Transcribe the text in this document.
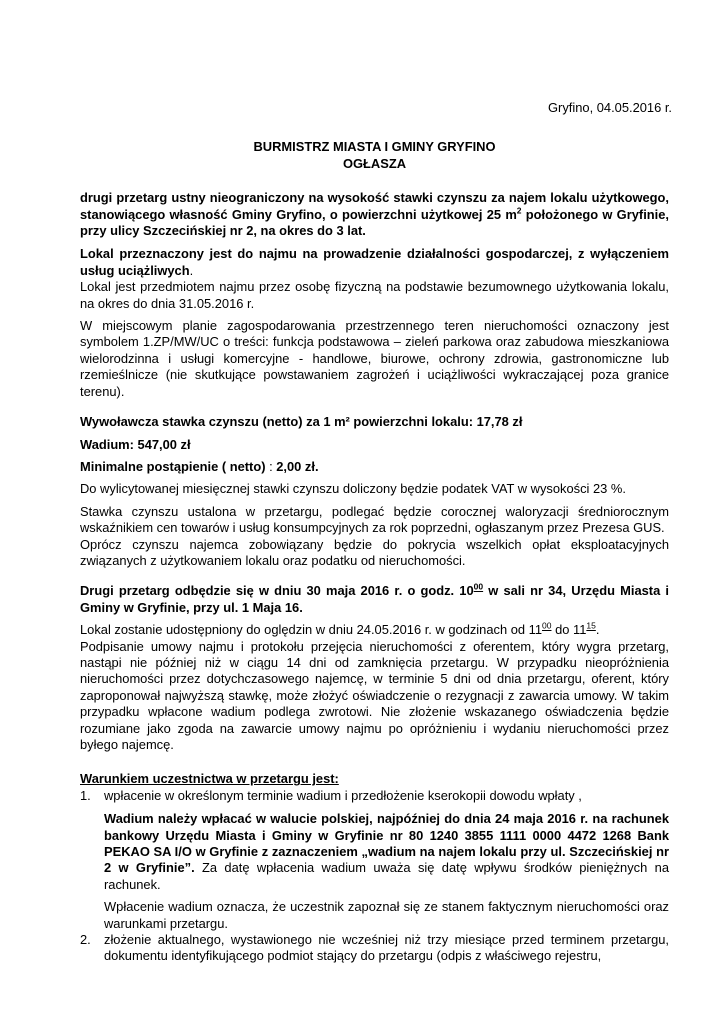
Gryfino, 04.05.2016 r.

BURMISTRZ MIASTA I GMINY GRYFINO

OGŁASZA

drugi przetarg ustny nieograniczony na wysokość stawki czynszu za najem lokalu użytkowego, stanowiącego własność Gminy Gryfino, o powierzchni użytkowej 25 $m^2$ położonego w Gryfinie, przy ulicy Szczecińskiej nr 2, na okres do 3 lat.

Lokal przeznaczony jest do najmu na prowadzenie działalności gospodarczej, z wyłączeniem usług uciążliwych.

Lokal jest przedmiotem najmu przez osobę fizyczną na podstawie bezumownego użytkowania lokalu, na okres do dnia 31.05.2016 r.

W miejscowym planie zagospodarowania przestrzennego teren nieruchomości oznaczony jest symbolem 1.ZP/MW/UC o treści: funkcja podstawowa – zieleń parkowa oraz zabudowa mieszkaniowa wielorodzinna i usługi komercyjne - handlowe, biurowe, ochrony zdrowia, gastronomiczne lub rzemieślnicze (nie skutkujące powstawaniem zagrożeń i uciążliwości wykraczającej poza granice terenu).

Wywoławcza stawka czynszu (netto) za 1 m² powierzchni lokalu: 17,78 zł

Wadium: 547,00 zł

Minimalne postąpienie ( netto) : 2,00 zł.

Do wylicytowanej miesięcznej stawki czynszu doliczony będzie podatek VAT w wysokości 23 %.

Stawka czynszu ustalona w przetargu, podlegać będzie corocznej waloryzacji średniorocznym wskaźnikiem cen towarów i usług konsumpcyjnych za rok poprzedni, ogłaszanym przez Prezesa GUS.

Oprócz czynszu najemca zobowiązany będzie do pokrycia wszelkich opłat eksploatacyjnych związanych z użytkowaniem lokalu oraz podatku od nieruchomości.

Drugi przetarg odbędzie się w dniu 30 maja 2016 r. o godz. $10^{00}$ w sali nr 34, Urzędu Miasta i Gminy w Gryfinie, przy ul. 1 Maja 16.

Lokal zostanie udostępniony do oględzin w dniu 24.05.2016 r. w godzinach od $11^{00}$ do $11^{15}$.

Podpisanie umowy najmu i protokołu przejęcia nieruchomości z oferentem, który wygra przetarg, nastąpi nie później niż w ciągu 14 dni od zamknięcia przetargu. W przypadku nieopróżnienia nieruchomości przez dotychczasowego najemcę, w terminie 5 dni od dnia przetargu, oferent, który zaproponował najwyższą stawkę, może złożyć oświadczenie o rezygnacji z zawarcia umowy. W takim przypadku wpłacone wadium podlega zwrotowi. Nie złożenie wskazanego oświadczenia będzie rozumiane jako zgoda na zawarcie umowy najmu po opróżnieniu i wydaniu nieruchomości przez byłego najemcę.

Warunkiem uczestnictwa w przetargu jest:

1. wpłacenie w określonym terminie wadium i przedłożenie kserokopii dowodu wpłaty ,

Wadium należy wpłacać w walucie polskiej, najpóźniej do dnia 24 maja 2016 r. na rachunek bankowy Urzędu Miasta i Gminy w Gryfinie nr 80 1240 3855 1111 0000 4472 1268 Bank PEKAO SA I/O w Gryfinie z zaznaczeniem „wadium na najem lokalu przy ul. Szczecińskiej nr 2 w Gryfinie”. Za datę wpłacenia wadium uważa się datę wpływu środków pieniężnych na rachunek.

Wpłacenie wadium oznacza, że uczestnik zapoznał się ze stanem faktycznym nieruchomości oraz warunkami przetargu.

2. złożenie aktualnego, wystawionego nie wcześniej niż trzy miesiące przed terminem przetargu, dokumentu identyfikującego podmiot stający do przetargu (odpis z właściwego rejestru,
